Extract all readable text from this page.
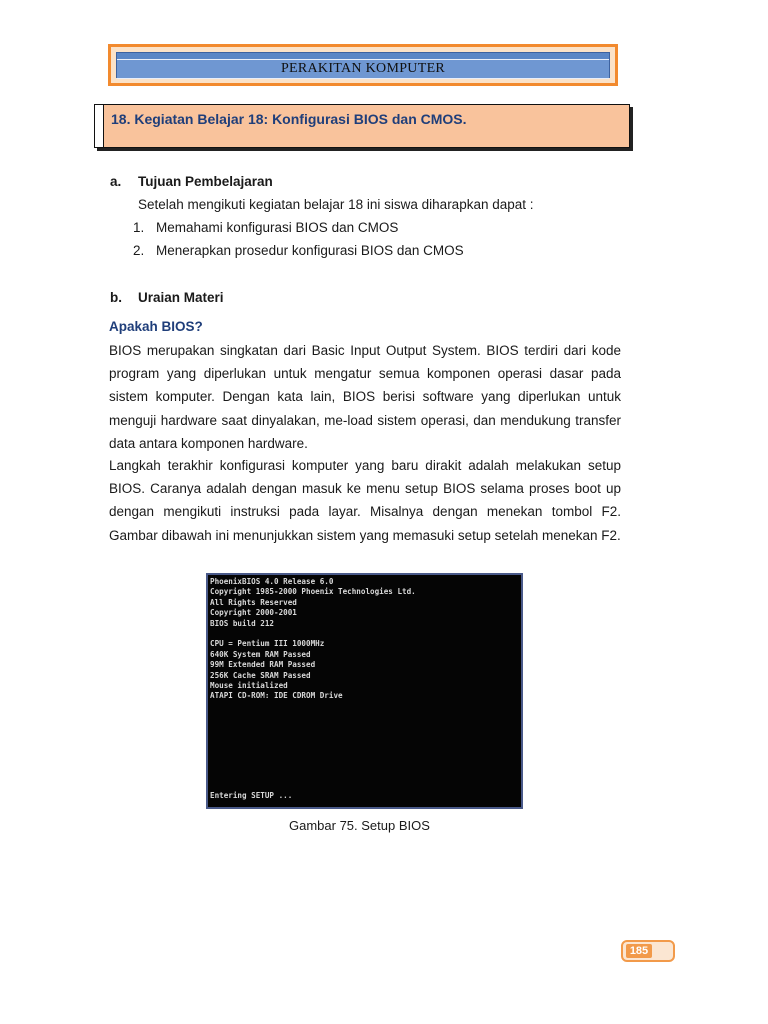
PERAKITAN KOMPUTER
18. Kegiatan Belajar 18: Konfigurasi BIOS dan CMOS.
a. Tujuan Pembelajaran
Setelah mengikuti kegiatan belajar 18 ini siswa diharapkan dapat :
1. Memahami konfigurasi BIOS dan CMOS
2. Menerapkan prosedur konfigurasi BIOS dan CMOS
b. Uraian Materi
Apakah BIOS?
BIOS merupakan singkatan dari Basic Input Output System. BIOS terdiri dari kode program yang diperlukan untuk mengatur semua komponen operasi dasar pada sistem komputer. Dengan kata lain, BIOS berisi software yang diperlukan untuk menguji hardware saat dinyalakan, me-load sistem operasi, dan mendukung transfer data antara komponen hardware.
Langkah terakhir konfigurasi komputer yang baru dirakit adalah melakukan setup BIOS. Caranya adalah dengan masuk ke menu setup BIOS selama proses boot up dengan mengikuti instruksi pada layar. Misalnya dengan menekan tombol F2. Gambar dibawah ini menunjukkan sistem yang memasuki setup setelah menekan F2.
PhoenixBIOS 4.0 Release 6.0
Copyright 1985-2000 Phoenix Technologies Ltd.
All Rights Reserved
Copyright 2000-2001
BIOS build 212
CPU = Pentium III 1000MHz
640K System RAM Passed
99M Extended RAM Passed
256K Cache SRAM Passed
Mouse initialized
ATAPI CD-ROM: IDE CDROM Drive
Entering SETUP ...
Gambar 75. Setup BIOS
185
